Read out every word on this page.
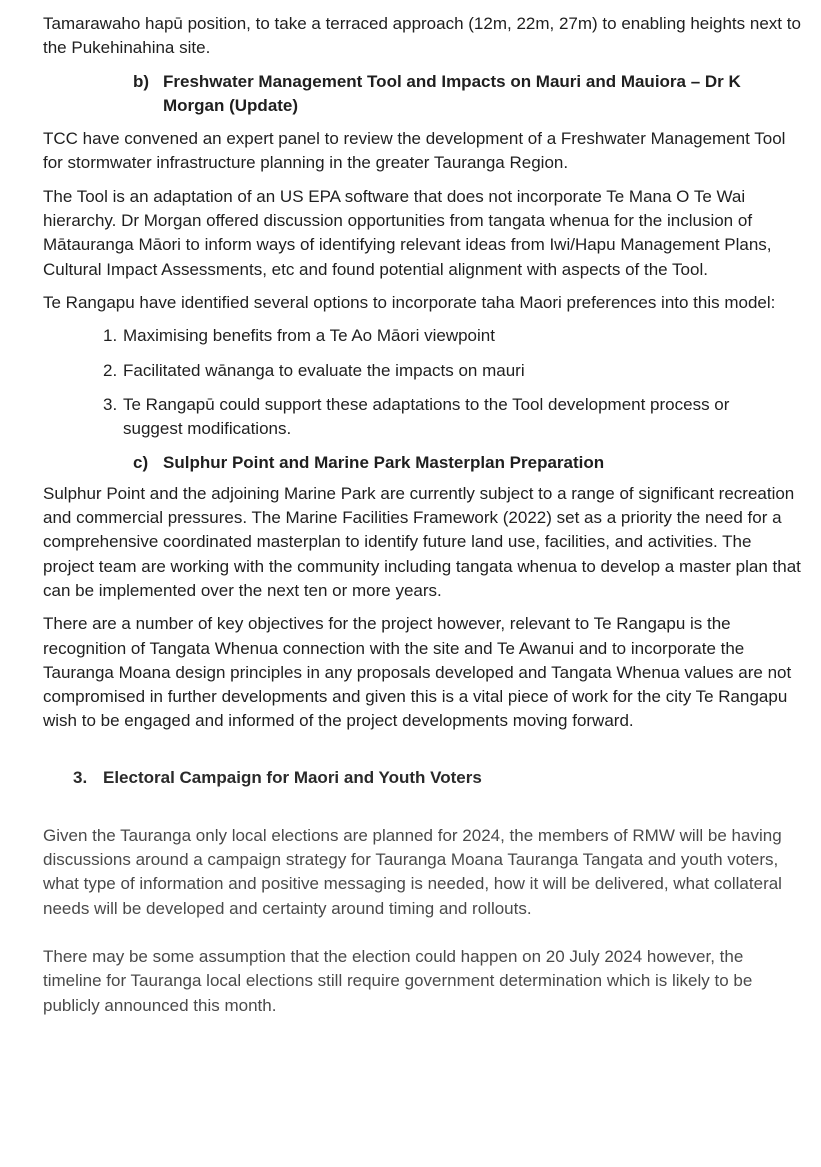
Tamarawaho hapū position, to take a terraced approach (12m, 22m, 27m) to enabling heights next to the Pukehinahina site.

b) Freshwater Management Tool and Impacts on Mauri and Mauiora – Dr K Morgan (Update)

TCC have convened an expert panel to review the development of a Freshwater Management Tool for stormwater infrastructure planning in the greater Tauranga Region.

The Tool is an adaptation of an US EPA software that does not incorporate Te Mana O Te Wai hierarchy. Dr Morgan offered discussion opportunities from tangata whenua for the inclusion of Mātauranga Māori to inform ways of identifying relevant ideas from Iwi/Hapu Management Plans, Cultural Impact Assessments, etc and found potential alignment with aspects of the Tool.

Te Rangapu have identified several options to incorporate taha Maori preferences into this model:

1. Maximising benefits from a Te Ao Māori viewpoint
2. Facilitated wānanga to evaluate the impacts on mauri
3. Te Rangapū could support these adaptations to the Tool development process or suggest modifications.
c) Sulphur Point and Marine Park Masterplan Preparation

Sulphur Point and the adjoining Marine Park are currently subject to a range of significant recreation and commercial pressures. The Marine Facilities Framework (2022) set as a priority the need for a comprehensive coordinated masterplan to identify future land use, facilities, and activities. The project team are working with the community including tangata whenua to develop a master plan that can be implemented over the next ten or more years.

There are a number of key objectives for the project however, relevant to Te Rangapu is the recognition of Tangata Whenua connection with the site and Te Awanui and to incorporate the Tauranga Moana design principles in any proposals developed and Tangata Whenua values are not compromised in further developments and given this is a vital piece of work for the city Te Rangapu wish to be engaged and informed of the project developments moving forward.

3. Electoral Campaign for Maori and Youth Voters

Given the Tauranga only local elections are planned for 2024, the members of RMW will be having discussions around a campaign strategy for Tauranga Moana Tauranga Tangata and youth voters, what type of information and positive messaging is needed, how it will be delivered, what collateral needs will be developed and certainty around timing and rollouts.

There may be some assumption that the election could happen on 20 July 2024 however, the timeline for Tauranga local elections still require government determination which is likely to be publicly announced this month.
